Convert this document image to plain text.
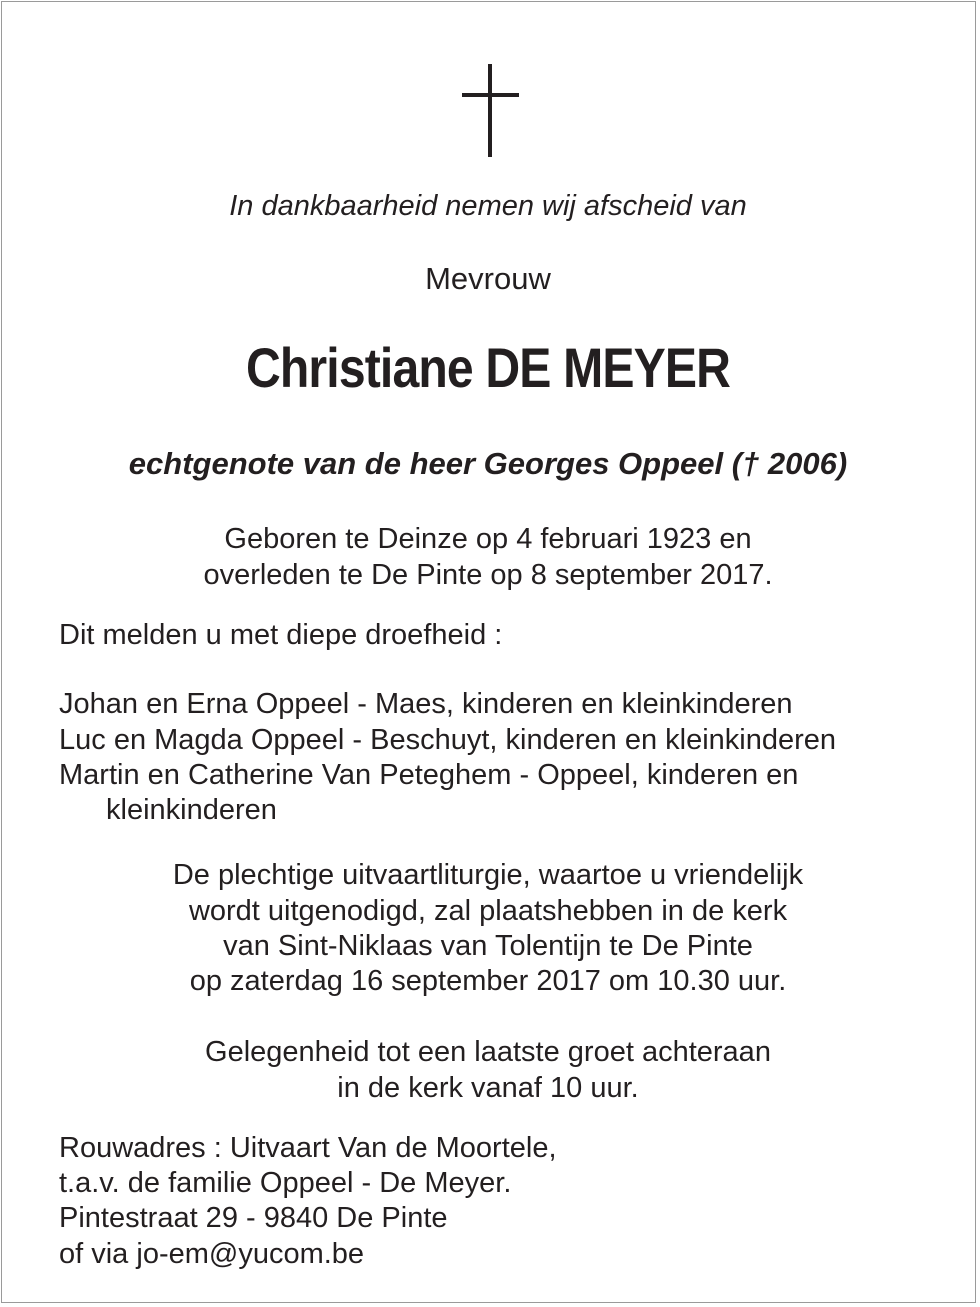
In dankbaarheid nemen wij afscheid van
Mevrouw
Christiane DE MEYER
echtgenote van de heer Georges Oppeel († 2006)
Geboren te Deinze op 4 februari 1923 en
overleden te De Pinte op 8 september 2017.
Dit melden u met diepe droefheid :
Johan en Erna Oppeel - Maes, kinderen en kleinkinderen
Luc en Magda Oppeel - Beschuyt, kinderen en kleinkinderen
Martin en Catherine Van Peteghem - Oppeel, kinderen en
kleinkinderen
De plechtige uitvaartliturgie, waartoe u vriendelijk
wordt uitgenodigd, zal plaatshebben in de kerk
van Sint-Niklaas van Tolentijn te De Pinte
op zaterdag 16 september 2017 om 10.30 uur.
Gelegenheid tot een laatste groet achteraan
in de kerk vanaf 10 uur.
Rouwadres : Uitvaart Van de Moortele,
t.a.v. de familie Oppeel - De Meyer.
Pintestraat 29 - 9840 De Pinte
of via jo-em@yucom.be
